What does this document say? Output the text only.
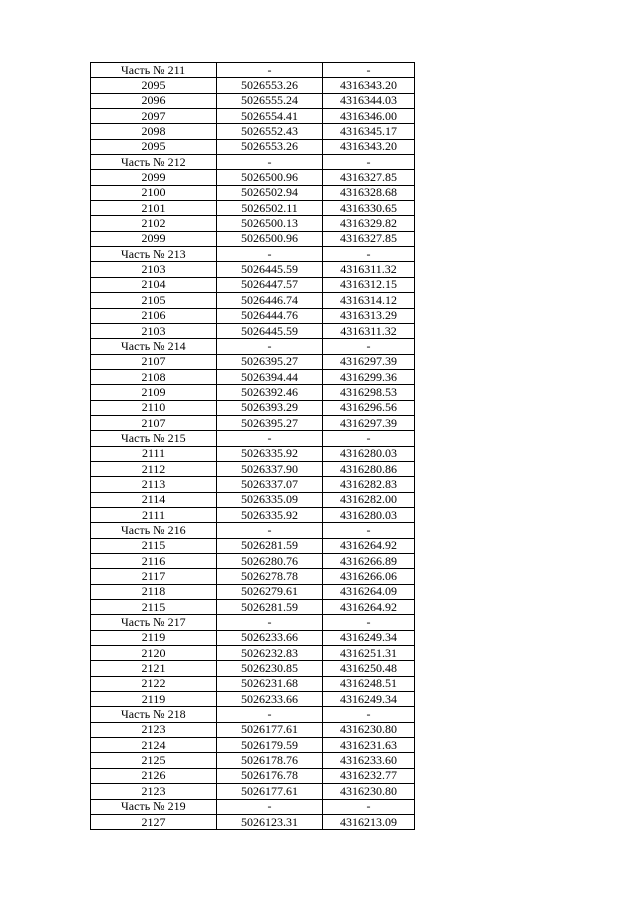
Часть № 211	-	-
2095	5026553.26	4316343.20
2096	5026555.24	4316344.03
2097	5026554.41	4316346.00
2098	5026552.43	4316345.17
2095	5026553.26	4316343.20
Часть № 212	-	-
2099	5026500.96	4316327.85
2100	5026502.94	4316328.68
2101	5026502.11	4316330.65
2102	5026500.13	4316329.82
2099	5026500.96	4316327.85
Часть № 213	-	-
2103	5026445.59	4316311.32
2104	5026447.57	4316312.15
2105	5026446.74	4316314.12
2106	5026444.76	4316313.29
2103	5026445.59	4316311.32
Часть № 214	-	-
2107	5026395.27	4316297.39
2108	5026394.44	4316299.36
2109	5026392.46	4316298.53
2110	5026393.29	4316296.56
2107	5026395.27	4316297.39
Часть № 215	-	-
2111	5026335.92	4316280.03
2112	5026337.90	4316280.86
2113	5026337.07	4316282.83
2114	5026335.09	4316282.00
2111	5026335.92	4316280.03
Часть № 216	-	-
2115	5026281.59	4316264.92
2116	5026280.76	4316266.89
2117	5026278.78	4316266.06
2118	5026279.61	4316264.09
2115	5026281.59	4316264.92
Часть № 217	-	-
2119	5026233.66	4316249.34
2120	5026232.83	4316251.31
2121	5026230.85	4316250.48
2122	5026231.68	4316248.51
2119	5026233.66	4316249.34
Часть № 218	-	-
2123	5026177.61	4316230.80
2124	5026179.59	4316231.63
2125	5026178.76	4316233.60
2126	5026176.78	4316232.77
2123	5026177.61	4316230.80
Часть № 219	-	-
2127	5026123.31	4316213.09
